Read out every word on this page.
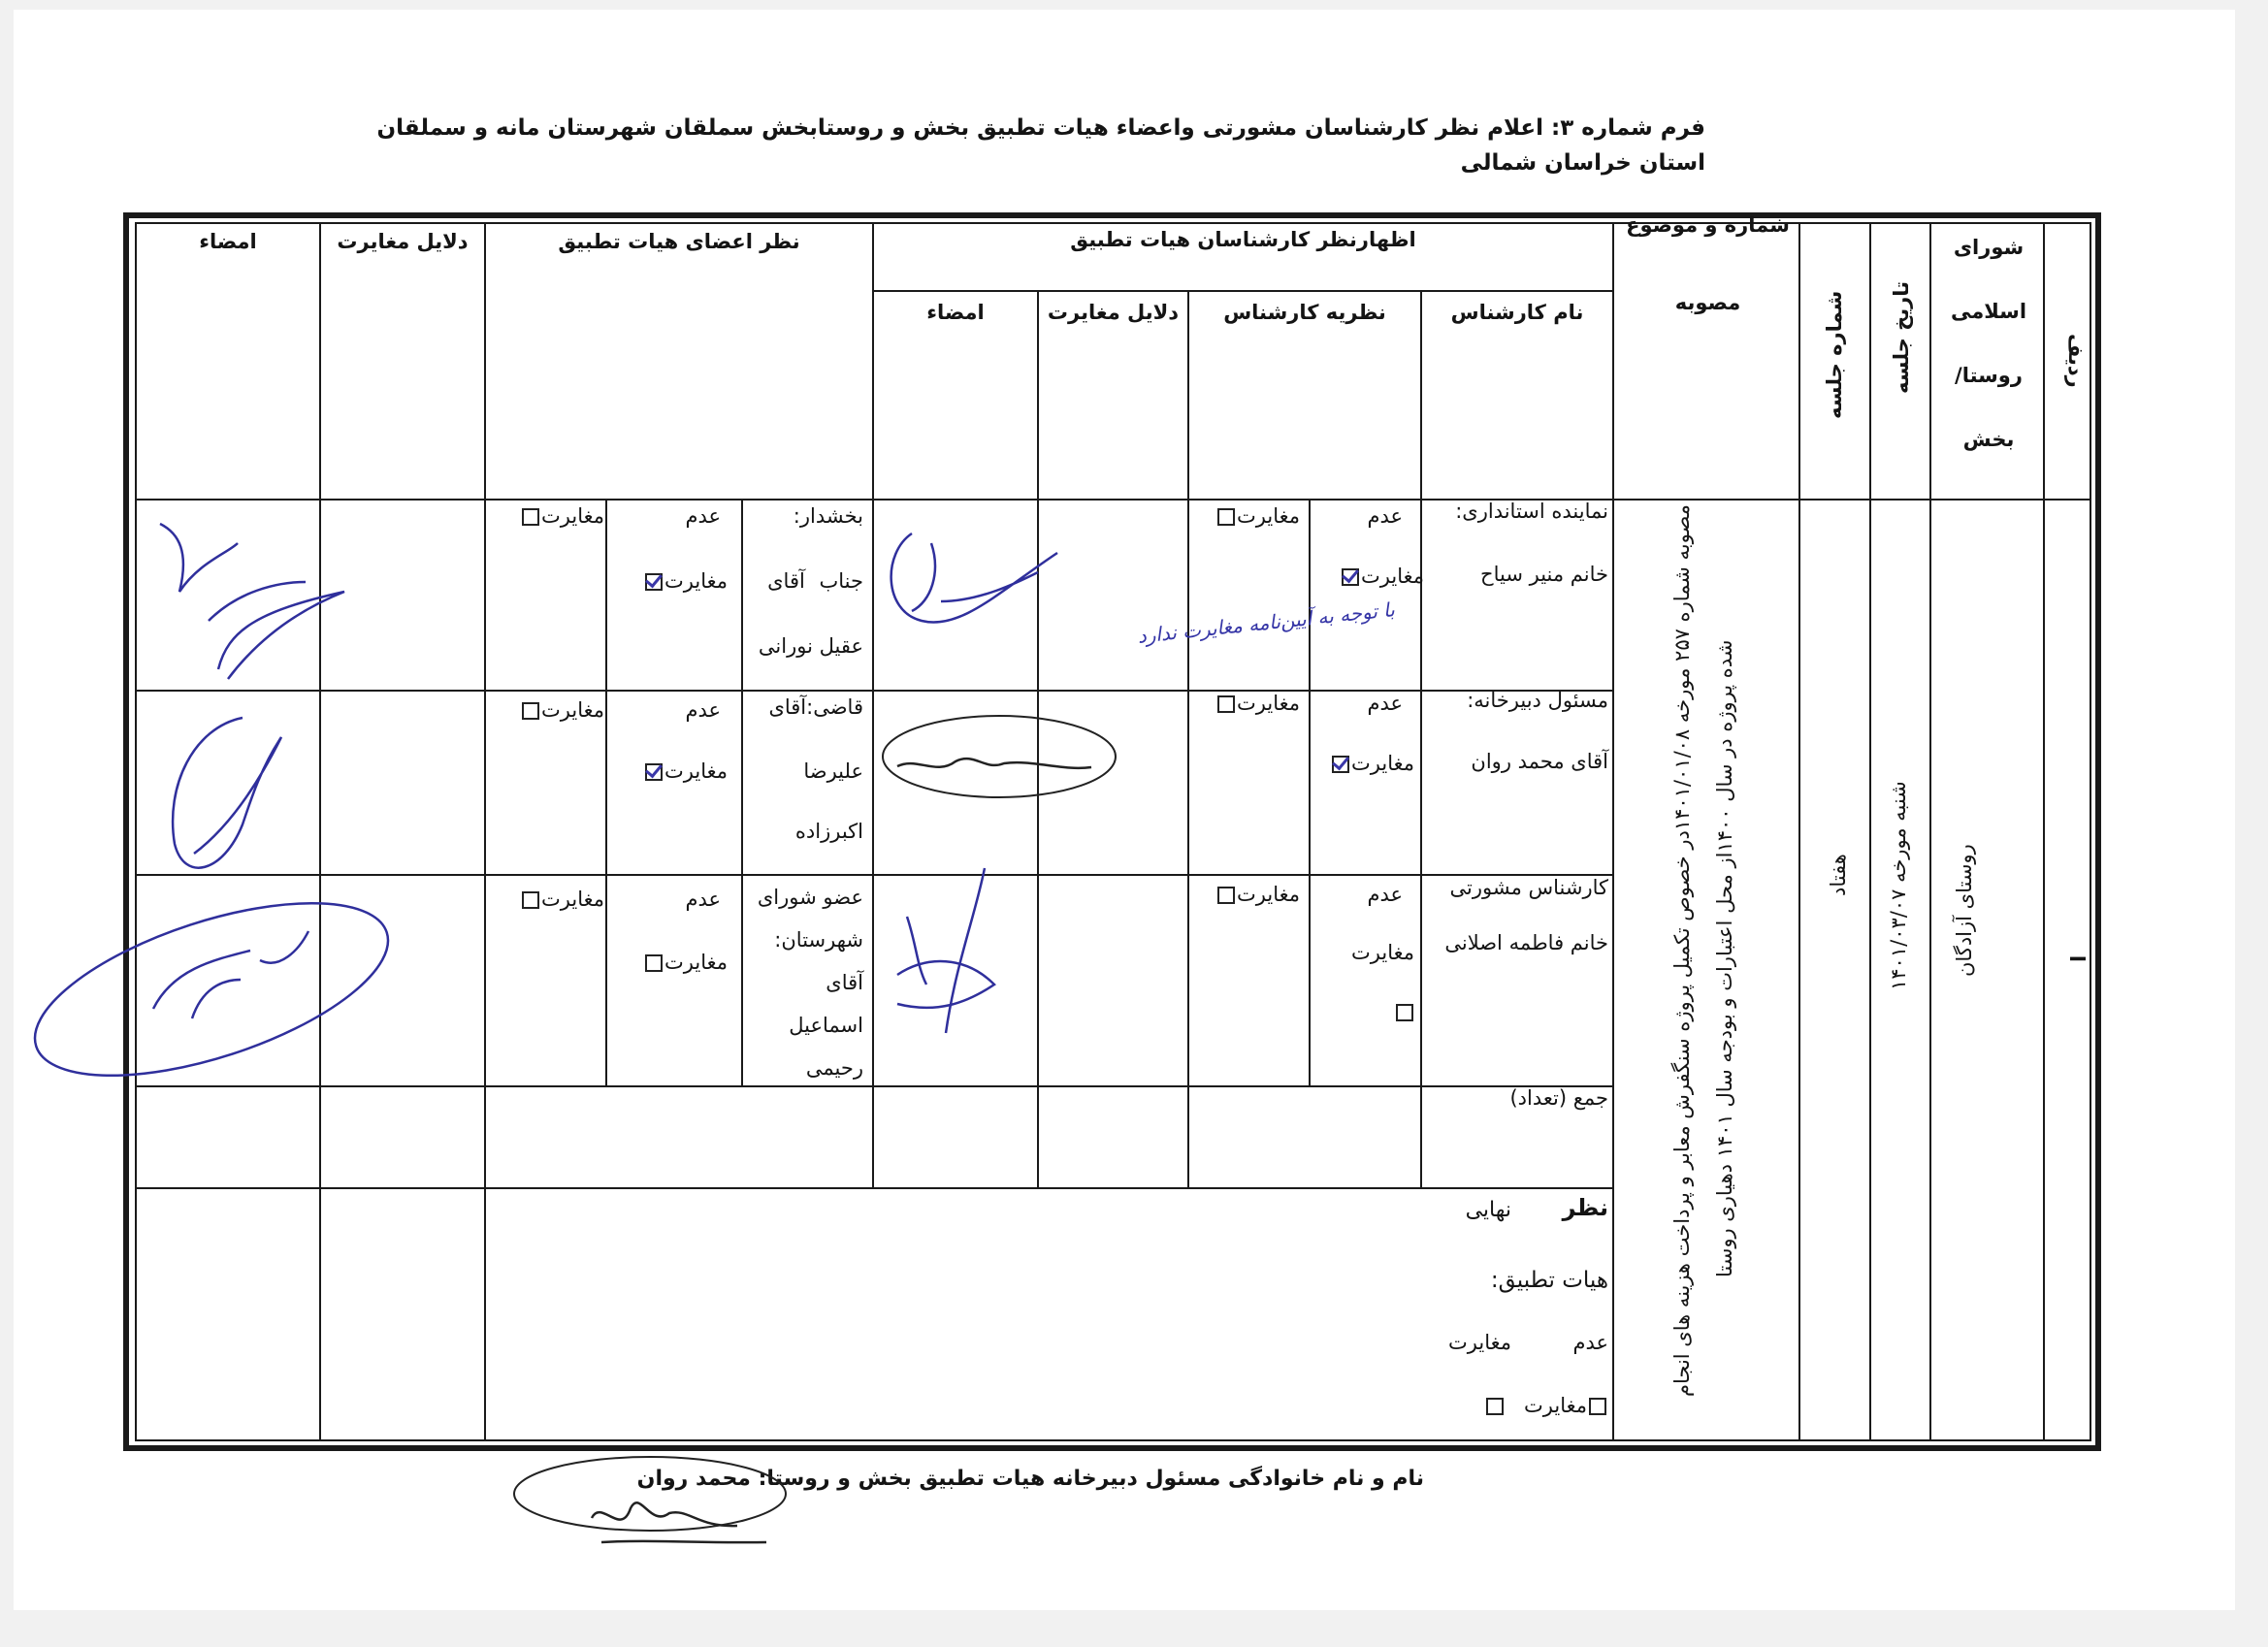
فرم شماره ۳: اعلام نظر کارشناسان مشورتی واعضاء هیات تطبیق بخش و روستابخش سملقان شهرستان مانه و سملقان استان خراسان شمالی
ردیف
شورای
اسلامی
روستا/
بخش
تاریخ جلسه
شماره جلسه
شماره و موضوع
مصوبه
اظهارنظر کارشناسان هیات تطبیق
نام کارشناس
نظریه کارشناس
دلایل مغایرت
امضاء
نظر اعضای هیات تطبیق
دلایل مغایرت
امضاء
ا
روستای آزادگان
شنبه مورخه ۱۴۰۱/۰۳/۰۷
هفتاد
مصوبه شماره ۲۵۷ مورخه ۱۴۰۱/۰۱/۰۸در خصوص تکمیل پروژه سنگفرش معابر و پرداخت هزینه های انجام
شده پروژه در سال ۱۴۰۰از محل اعتبارات و بودجه سال ۱۴۰۱ دهیاری روستا
نماینده استانداری:
خانم منیر سیاح
عدم
مغایرت
مغایرت
با توجه به آیین‌نامه مغایرت ندارد
مسئول دبیرخانه:
آقای محمد روان
عدم
مغایرت
مغایرت
کارشناس مشورتی
خانم فاطمه اصلانی
عدم
مغایرت
مغایرت
بخشدار:
جناب آقای
عقیل نورانی
عدم
مغایرت
مغایرت
قاضی:آقای
علیرضا
اکبرزاده
عدم
مغایرت
مغایرت
عضو شورای
شهرستان:
آقای
اسماعیل
رحیمی
عدم
مغایرت
مغایرت
جمع (تعداد)
نظر
نهایی
هیات تطبیق:
عدم
مغایرت
مغایرت
نام و نام خانوادگی مسئول دبیرخانه هیات تطبیق بخش و روستا: محمد روان
